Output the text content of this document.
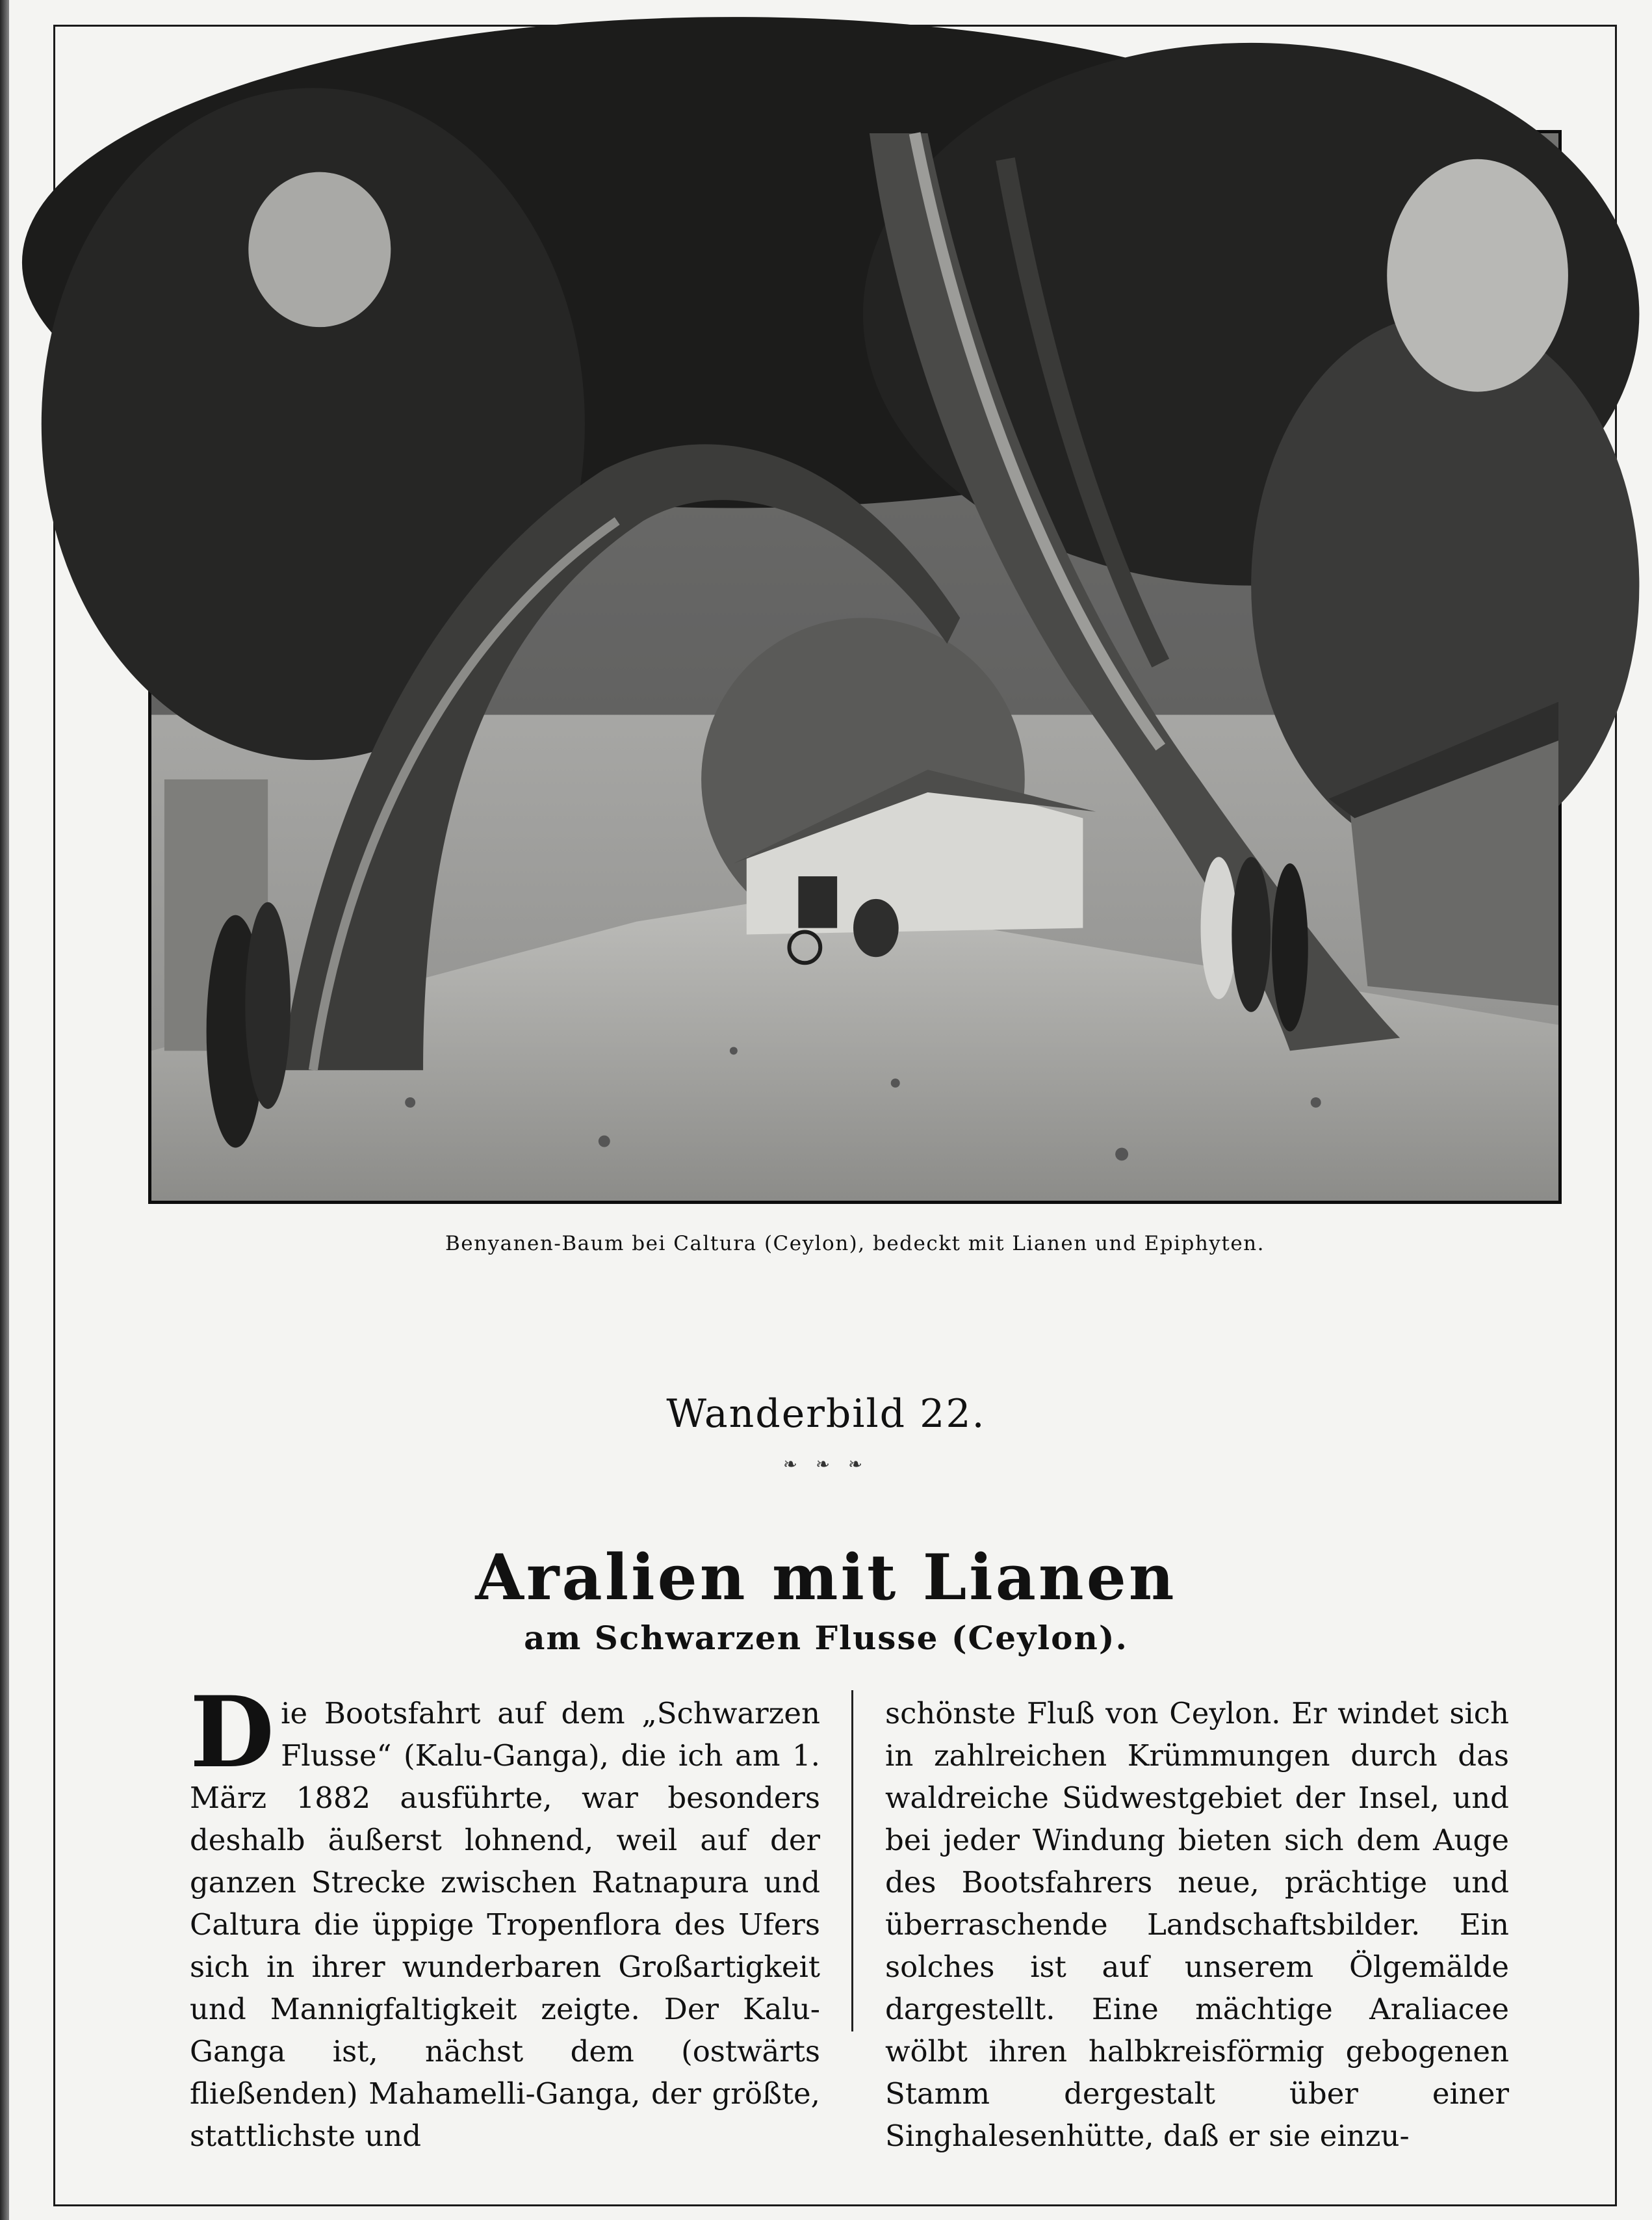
Benyanen-Baum bei Caltura (Ceylon), bedeckt mit Lianen und Epiphyten.
Wanderbild 22.
❧ ❧ ❧
Aralien mit Lianen
am Schwarzen Flusse (Ceylon).
Die Bootsfahrt auf dem „Schwarzen Flusse“ (Kalu-Ganga), die ich am 1. März 1882 ausführte, war besonders deshalb äußerst lohnend, weil auf der ganzen Strecke zwischen Ratnapura und Caltura die üppige Tropenflora des Ufers sich in ihrer wunderbaren Großartigkeit und Mannigfaltigkeit zeigte. Der Kalu-Ganga ist, nächst dem (ostwärts fließenden) Mahamelli-Ganga, der größte, stattlichste und
schönste Fluß von Ceylon. Er windet sich in zahlreichen Krümmungen durch das waldreiche Südwestgebiet der Insel, und bei jeder Windung bieten sich dem Auge des Bootsfahrers neue, prächtige und überraschende Landschaftsbilder. Ein solches ist auf unserem Ölgemälde dargestellt. Eine mächtige Araliacee wölbt ihren halbkreisförmig gebogenen Stamm dergestalt über einer Singhalesenhütte, daß er sie einzu-
